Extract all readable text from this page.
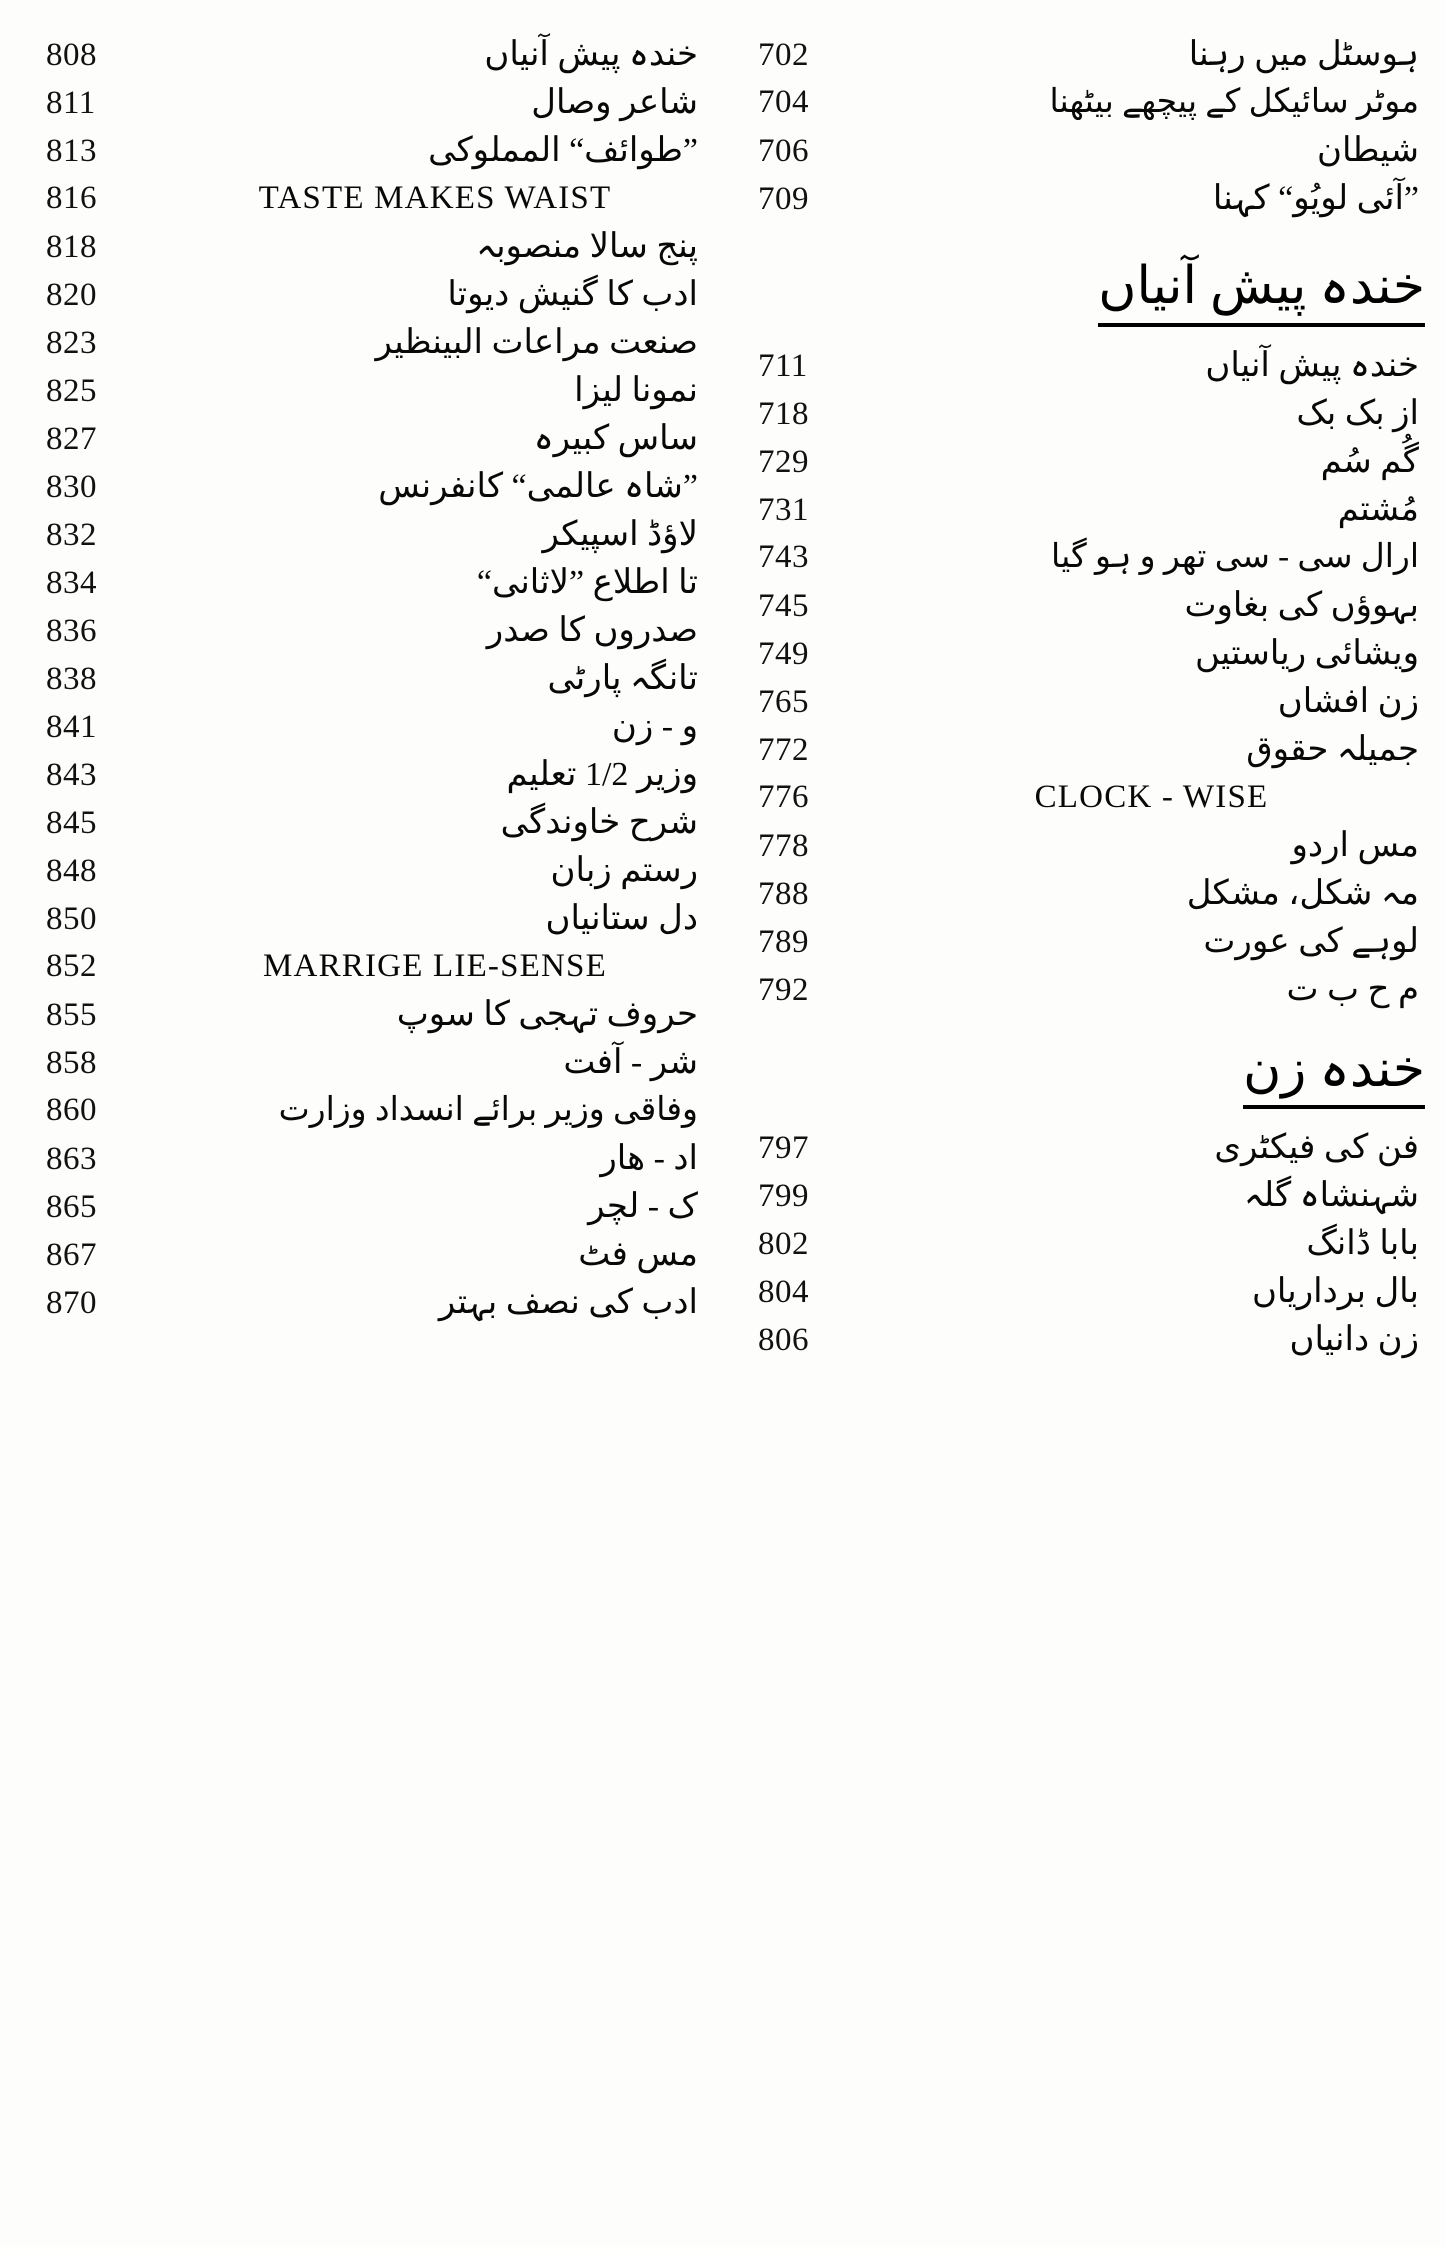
808	خندہ پیش آنیاں
811	شاعر وصال
813	”طوائف“ المملوکی
816	TASTE MAKES WAIST
818	پنج سالا منصوبہ
820	ادب کا گنیش دیوتا
823	صنعت مراعات البینظیر
825	نمونا لیزا
827	ساس کبیرہ
830	”شاہ عالمی“ کانفرنس
832	لاؤڈ اسپیکر
834	تا اطلاع ”لاثانی“
836	صدروں کا صدر
838	تانگہ پارٹی
841	و - زن
843	وزیر 1/2 تعلیم
845	شرح خاوندگی
848	رستم زبان
850	دل ستانیاں
852	MARRIGE LIE-SENSE
855	حروف تہجی کا سوپ
858	شر - آفت
860	وفاقی وزیر برائے انسداد وزارت
863	اد - ھار
865	ک - لچر
867	مس فٹ
870	ادب کی نصف بہتر
702	ہوسٹل میں رہنا
704	موٹر سائیکل کے پیچھے بیٹھنا
706	شیطان
709	”آئی لویُو“ کہنا
خندہ پیش آنیاں
711	خندہ پیش آنیاں
718	از بک بک
729	گُم سُم
731	مُشتم
743	ارال سی - سی تھر و ہو گیا
745	بہوؤں کی بغاوت
749	ویشائی ریاستیں
765	زن افشاں
772	جمیلہ حقوق
776	CLOCK - WISE
778	مس اردو
788	مہ شکل، مشکل
789	لوہے کی عورت
792	م ح ب ت
خندہ زن
797	فن کی فیکٹری
799	شہنشاہ گلہ
802	بابا ڈانگ
804	بال برداریاں
806	زن دانیاں
